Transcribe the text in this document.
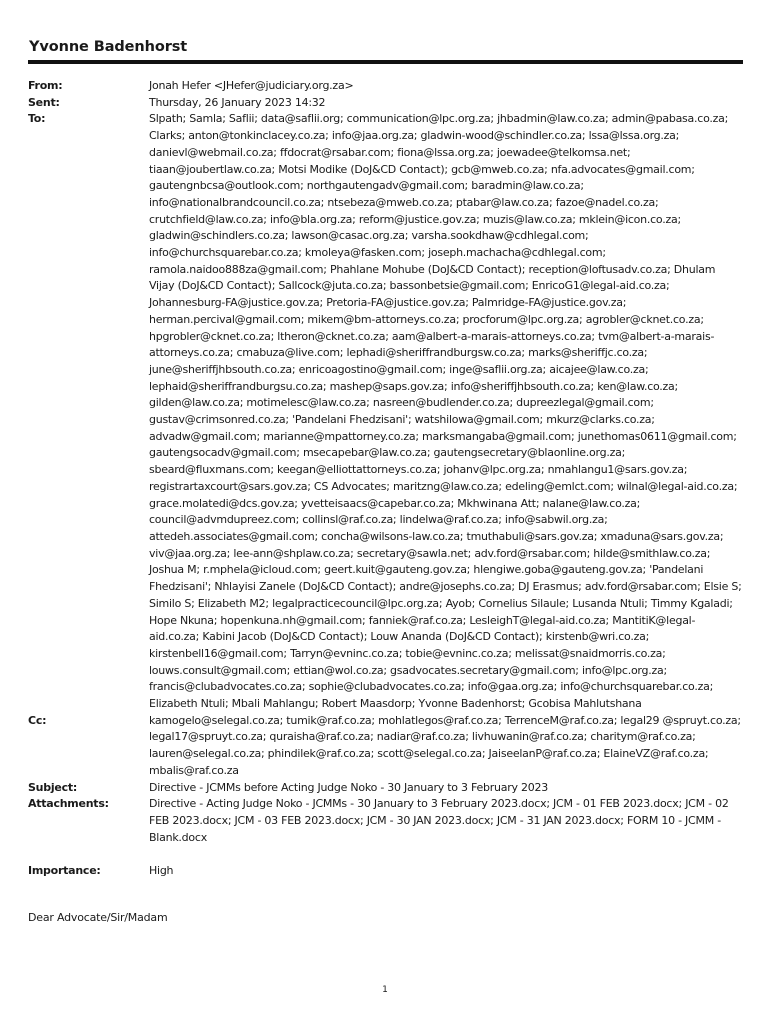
Yvonne Badenhorst
From:	Jonah Hefer <JHefer@judiciary.org.za>
Sent:	Thursday, 26 January 2023 14:32
To:	Slpath; Samla; Saflii; data@saflii.org; communication@lpc.org.za; jhbadmin@law.co.za; admin@pabasa.co.za; Clarks; anton@tonkinclacey.co.za; info@jaa.org.za; gladwin-wood@schindler.co.za; lssa@lssa.org.za; danievl@webmail.co.za; ffdocrat@rsabar.com; fiona@lssa.org.za; joewadee@telkomsa.net; tiaan@joubertlaw.co.za; Motsi Modike (DoJ&CD Contact); gcb@mweb.co.za; nfa.advocates@gmail.com; gautengnbcsa@outlook.com; northgautengadv@gmail.com; baradmin@law.co.za; info@nationalbrandcouncil.co.za; ntsebeza@mweb.co.za; ptabar@law.co.za; fazoe@nadel.co.za; crutchfield@law.co.za; info@bla.org.za; reform@justice.gov.za; muzis@law.co.za; mklein@icon.co.za; gladwin@schindlers.co.za; lawson@casac.org.za; varsha.sookdhaw@cdhlegal.com; info@churchsquarebar.co.za; kmoleya@fasken.com; joseph.machacha@cdhlegal.com; ramola.naidoo888za@gmail.com; Phahlane Mohube (DoJ&CD Contact); reception@loftusadv.co.za; Dhulam Vijay (DoJ&CD Contact); Sallcock@juta.co.za; bassonbetsie@gmail.com; EnricoG1@legal-aid.co.za; Johannesburg-FA@justice.gov.za; Pretoria-FA@justice.gov.za; Palmridge-FA@justice.gov.za; herman.percival@gmail.com; mikem@bm-attorneys.co.za; procforum@lpc.org.za; agrobler@cknet.co.za; hpgrobler@cknet.co.za; ltheron@cknet.co.za; aam@albert-a-marais-attorneys.co.za; tvm@albert-a-marais-attorneys.co.za; cmabuza@live.com; lephadi@sheriffrandburgsw.co.za; marks@sheriffjc.co.za; june@sheriffjhbsouth.co.za; enricoagostino@gmail.com; inge@saflii.org.za; aicajee@law.co.za; lephaid@sheriffrandburgsu.co.za; mashep@saps.gov.za; info@sheriffjhbsouth.co.za; ken@law.co.za; gilden@law.co.za; motimelesc@law.co.za; nasreen@budlender.co.za; dupreezlegal@gmail.com; gustav@crimsonred.co.za; 'Pandelani Fhedzisani'; watshilowa@gmail.com; mkurz@clarks.co.za; advadw@gmail.com; marianne@mpattorney.co.za; marksmangaba@gmail.com; junethomas0611@gmail.com; gautengsocadv@gmail.com; msecapebar@law.co.za; gautengsecretary@blaonline.org.za; sbeard@fluxmans.com; keegan@elliottattorneys.co.za; johanv@lpc.org.za; nmahlangu1@sars.gov.za; registrartaxcourt@sars.gov.za; CS Advocates; maritzng@law.co.za; edeling@emlct.com; wilnal@legal-aid.co.za; grace.molatedi@dcs.gov.za; yvetteisaacs@capebar.co.za; Mkhwinana Att; nalane@law.co.za; council@advmdupreez.com; collinsl@raf.co.za; lindelwa@raf.co.za; info@sabwil.org.za; attedeh.associates@gmail.com; concha@wilsons-law.co.za; tmuthabuli@sars.gov.za; xmaduna@sars.gov.za; viv@jaa.org.za; lee-ann@shplaw.co.za; secretary@sawla.net; adv.ford@rsabar.com; hilde@smithlaw.co.za; Joshua M; r.mphela@icloud.com; geert.kuit@gauteng.gov.za; hlengiwe.goba@gauteng.gov.za; 'Pandelani Fhedzisani'; Nhlayisi Zanele (DoJ&CD Contact); andre@josephs.co.za; DJ Erasmus; adv.ford@rsabar.com; Elsie S; Similo S; Elizabeth M2; legalpracticecouncil@lpc.org.za; Ayob; Cornelius Silaule; Lusanda Ntuli; Timmy Kgaladi; Hope Nkuna; hopenkuna.nh@gmail.com; fanniek@raf.co.za; LesleighT@legal-aid.co.za; MantitiK@legal-aid.co.za; Kabini Jacob (DoJ&CD Contact); Louw Ananda (DoJ&CD Contact); kirstenb@wri.co.za; kirstenbell16@gmail.com; Tarryn@evninc.co.za; tobie@evninc.co.za; melissat@snaidmorris.co.za; louws.consult@gmail.com; ettian@wol.co.za; gsadvocates.secretary@gmail.com; info@lpc.org.za; francis@clubadvocates.co.za; sophie@clubadvocates.co.za; info@gaa.org.za; info@churchsquarebar.co.za; Elizabeth Ntuli; Mbali Mahlangu; Robert Maasdorp; Yvonne Badenhorst; Gcobisa Mahlutshana
Cc:	kamogelo@selegal.co.za; tumik@raf.co.za; mohlatlegos@raf.co.za; TerrenceM@raf.co.za; legal29 @spruyt.co.za; legal17@spruyt.co.za; quraisha@raf.co.za; nadiar@raf.co.za; livhuwanin@raf.co.za; charitym@raf.co.za; lauren@selegal.co.za; phindilek@raf.co.za; scott@selegal.co.za; JaiseelanP@raf.co.za; ElaineVZ@raf.co.za; mbalis@raf.co.za
Subject:	Directive - JCMMs before Acting Judge Noko - 30 January to 3 February 2023
Attachments:	Directive - Acting Judge Noko - JCMMs - 30 January to 3 February 2023.docx; JCM - 01 FEB 2023.docx; JCM - 02 FEB 2023.docx; JCM - 03 FEB 2023.docx; JCM - 30 JAN 2023.docx; JCM - 31 JAN 2023.docx; FORM 10 - JCMM - Blank.docx
Importance:	High
Dear Advocate/Sir/Madam
1
